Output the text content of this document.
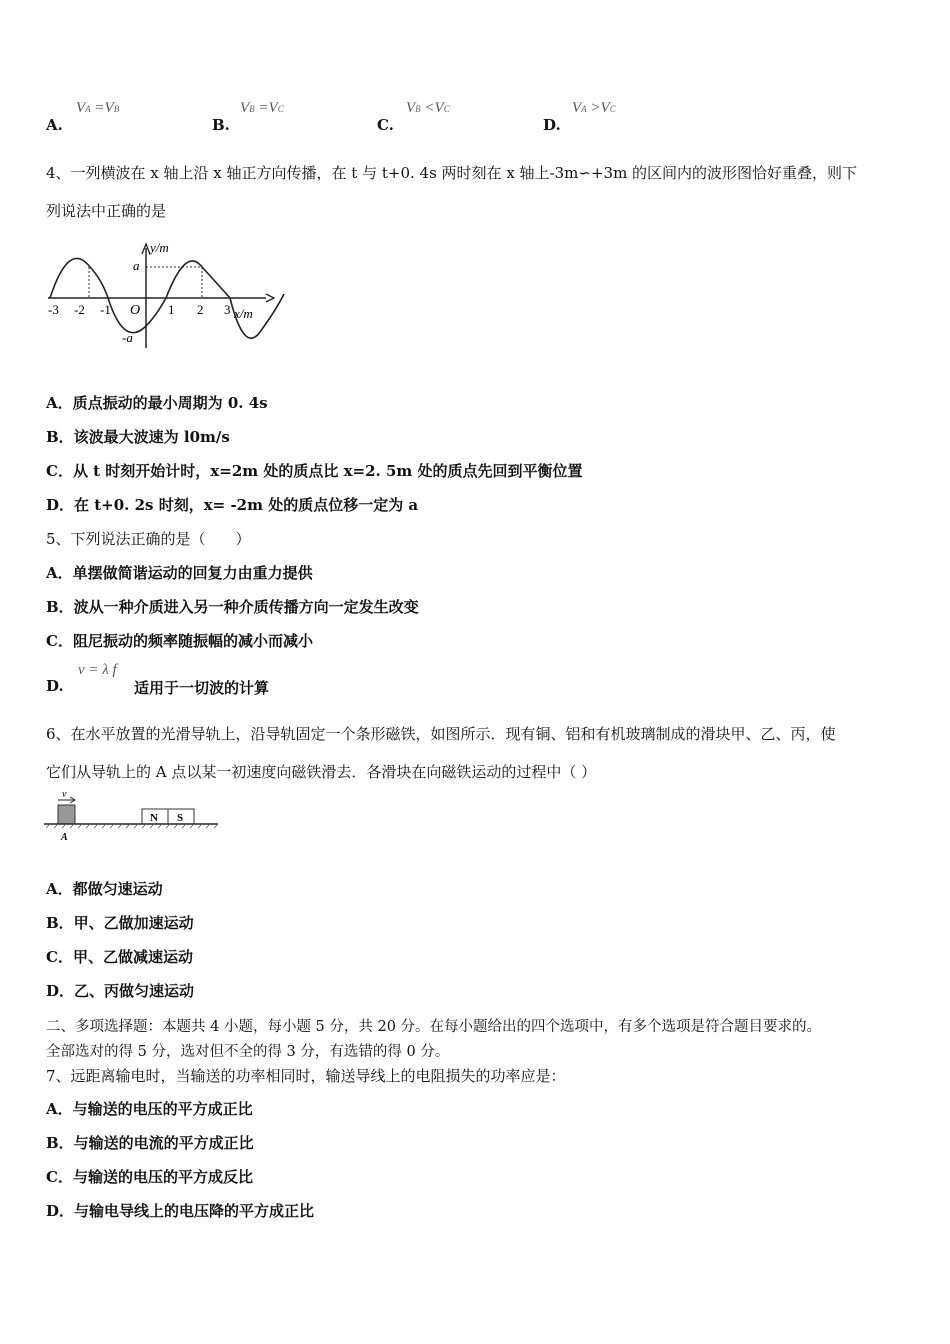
A.
VA =VB
B.
VB =VC
C.
VB <VC
D.
VA >VC
4、一列横波在 x 轴上沿 x 轴正方向传播，在 t 与 t+0. 4s 两时刻在 x 轴上-3m∽+3m 的区间内的波形图恰好重叠，则下
列说法中正确的是
y/m
a
-a
O
-3 -2 -1	1 2 3 x/m
A．质点振动的最小周期为 0. 4s
B．该波最大波速为 l0m/s
C．从 t 时刻开始计时，x=2m 处的质点比 x=2. 5m 处的质点先回到平衡位置
D．在 t+0. 2s 时刻，x= -2m 处的质点位移一定为 a
5、下列说法正确的是（　　）
A．单摆做简谐运动的回复力由重力提供
B．波从一种介质进入另一种介质传播方向一定发生改变
C．阻尼振动的频率随振幅的减小而减小
D.
v = λ f
适用于一切波的计算
6、在水平放置的光滑导轨上，沿导轨固定一个条形磁铁，如图所示．现有铜、铝和有机玻璃制成的滑块甲、乙、丙，使
它们从导轨上的 A 点以某一初速度向磁铁滑去．各滑块在向磁铁运动的过程中（ ）
v
N S
A
A．都做匀速运动
B．甲、乙做加速运动
C．甲、乙做减速运动
D．乙、丙做匀速运动
二、多项选择题：本题共 4 小题，每小题 5 分，共 20 分。在每小题给出的四个选项中，有多个选项是符合题目要求的。
全部选对的得 5 分，选对但不全的得 3 分，有选错的得 0 分。
7、远距离输电时，当输送的功率相同时，输送导线上的电阻损失的功率应是：
A．与输送的电压的平方成正比
B．与输送的电流的平方成正比
C．与输送的电压的平方成反比
D．与输电导线上的电压降的平方成正比
